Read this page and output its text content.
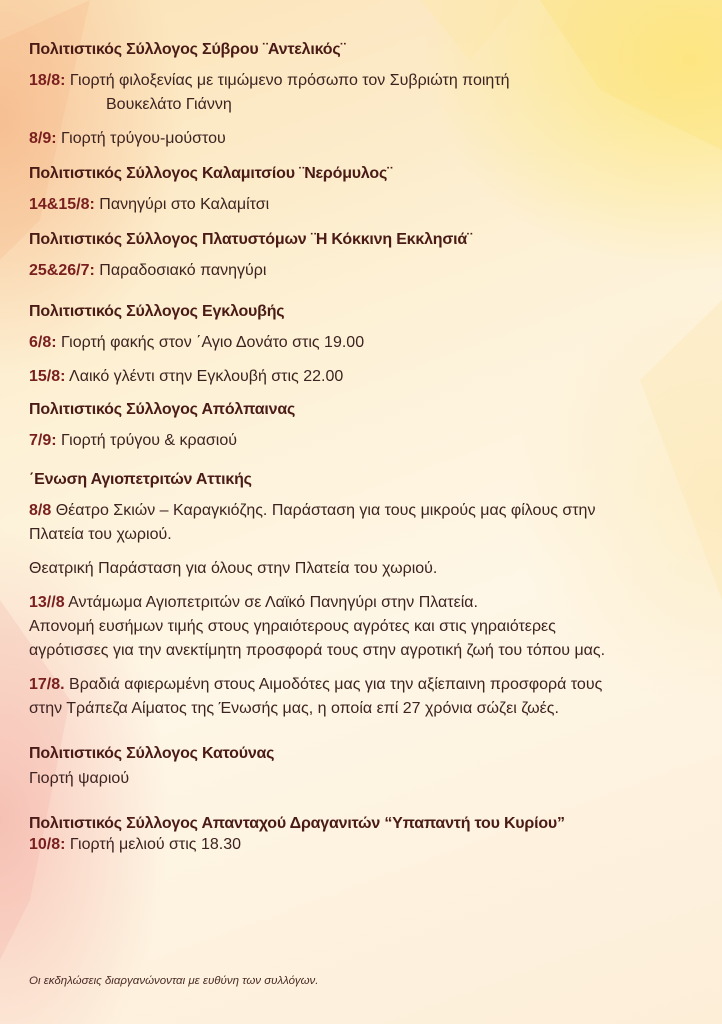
Πολιτιστικός Σύλλογος Σύβρου ¨Αντελικός¨
18/8: Γιορτή φιλοξενίας με τιμώμενο πρόσωπο τον Συβριώτη ποιητή
Βουκελάτο Γιάννη
8/9: Γιορτή τρύγου-μούστου
Πολιτιστικός Σύλλογος Καλαμιτσίου ¨Νερόμυλος¨
14&15/8: Πανηγύρι στο Καλαμίτσι
Πολιτιστικός Σύλλογος Πλατυστόμων ¨Η Κόκκινη Εκκλησιά¨
25&26/7: Παραδοσιακό πανηγύρι
Πολιτιστικός Σύλλογος Εγκλουβής
6/8: Γιορτή φακής στον ΄Αγιο Δονάτο στις 19.00
15/8: Λαικό γλέντι στην Εγκλουβή στις 22.00
Πολιτιστικός Σύλλογος Απόλπαινας
7/9: Γιορτή τρύγου & κρασιού
΄Ενωση Αγιοπετριτών Αττικής
8/8 Θέατρο Σκιών – Καραγκιόζης. Παράσταση για τους μικρούς μας φίλους στην
Πλατεία του χωριού.
Θεατρική Παράσταση για όλους στην Πλατεία του χωριού.
13//8 Αντάμωμα Αγιοπετριτών σε Λαϊκό Πανηγύρι στην Πλατεία.
Απονομή ευσήμων τιμής στους γηραιότερους αγρότες και στις γηραιότερες
αγρότισσες για την ανεκτίμητη προσφορά τους στην αγροτική ζωή του τόπου μας.
17/8. Βραδιά αφιερωμένη στους Αιμοδότες μας για την αξίεπαινη προσφορά τους
στην Τράπεζα Αίματος της Ένωσής μας, η οποία επί 27 χρόνια σώζει ζωές.
Πολιτιστικός Σύλλογος Κατούνας
Γιορτή ψαριού
Πολιτιστικός Σύλλογος Απανταχού Δραγανιτών “Υπαπαντή του Κυρίου”
10/8: Γιορτή μελιού στις 18.30
Οι εκδηλώσεις διαργανώνονται με ευθύνη των συλλόγων.
